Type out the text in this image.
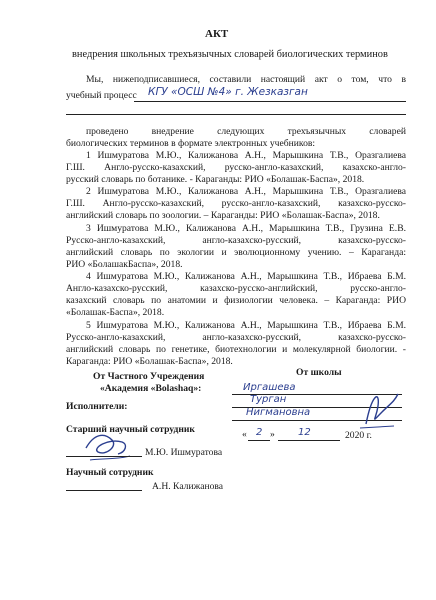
АКТ
внедрения школьных трехъязычных словарей биологических терминов
Мы, нижеподписавшиеся, составили настоящий акт о том, что в
учебный процесс КГУ «ОСШ №4» г. Жезказган
проведено внедрение следующих трехъязычных словарей
биологических терминов в формате электронных учебников:
1 Ишмуратова М.Ю., Калижанова А.Н., Марышкина Т.В., Оразгалиева
Г.Ш. Англо-русско-казахский, русско-англо-казахский, казахско-англо-
русский словарь по ботанике. - Караганды: РИО «Болашак-Баспа», 2018.
2 Ишмуратова М.Ю., Калижанова А.Н., Марышкина Т.В., Оразгалиева
Г.Ш. Англо-русско-казахский, русско-англо-казахский, казахско-русско-
английский словарь по зоологии. – Караганды: РИО «Болашак-Баспа», 2018.
3 Ишмуратова М.Ю., Калижанова А.Н., Марышкина Т.В., Грузина Е.В.
Русско-англо-казахский, англо-казахско-русский, казахско-русско-
английский словарь по экологии и эволюционному учению. – Караганда:
РИО «БолашакБаспа», 2018.
4 Ишмуратова М.Ю., Калижанова А.Н., Марышкина Т.В., Ибраева Б.М.
Англо-казахско-русский, казахско-русско-английский, русско-англо-
казахский словарь по анатомии и физиологии человека. – Караганда: РИО
«Болашак-Баспа», 2018.
5 Ишмуратова М.Ю., Калижанова А.Н., Марышкина Т.В., Ибраева Б.М.
Русско-англо-казахский, англо-казахско-русский, казахско-русско-
английский словарь по генетике, биотехнологии и молекулярной биологии. -
Караганда: РИО «Болашак-Баспа», 2018.
От Частного Учреждения
«Академия «Bolashaq»:
От школы
Иргашева
Турган
Нигмановна
Исполнители:
Старший научный сотрудник
М.Ю. Ишмуратова
« 2 » 12	2020 г.
Научный сотрудник
А.Н. Калижанова
